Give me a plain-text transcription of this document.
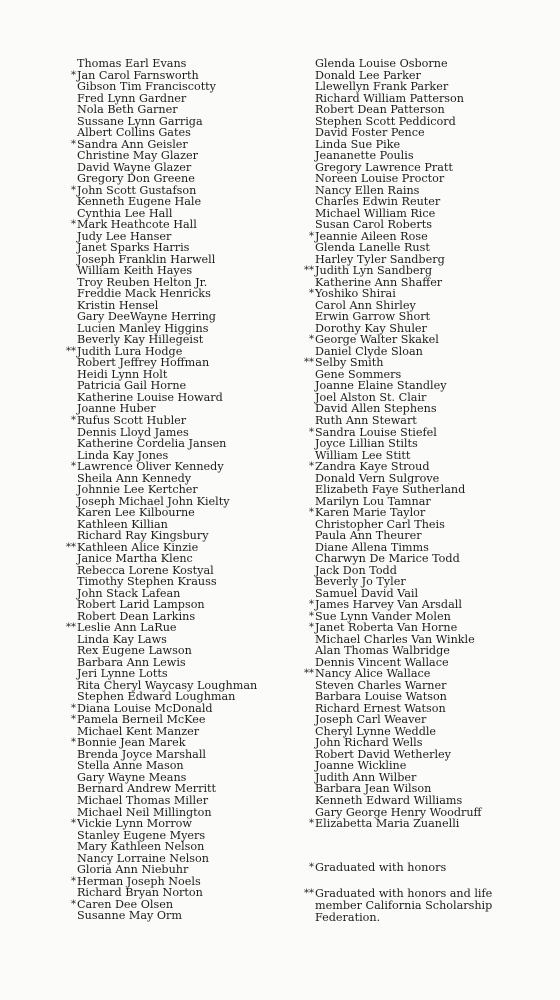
Thomas Earl Evans
* Jan Carol Farnsworth
Gibson Tim Franciscotty
Fred Lynn Gardner
Nola Beth Garner
Sussane Lynn Garriga
Albert Collins Gates
* Sandra Ann Geisler
Christine May Glazer
David Wayne Glazer
Gregory Don Greene
* John Scott Gustafson
Kenneth Eugene Hale
Cynthia Lee Hall
* Mark Heathcote Hall
Judy Lee Hanser
Janet Sparks Harris
Joseph Franklin Harwell
William Keith Hayes
Troy Reuben Helton Jr.
Freddie Mack Henricks
Kristin Hensel
Gary DeeWayne Herring
Lucien Manley Higgins
Beverly Kay Hillegeist
** Judith Lura Hodge
Robert Jeffrey Hoffman
Heidi Lynn Holt
Patricia Gail Horne
Katherine Louise Howard
Joanne Huber
* Rufus Scott Hubler
Dennis Lloyd James
Katherine Cordelia Jansen
Linda Kay Jones
* Lawrence Oliver Kennedy
Sheila Ann Kennedy
Johnnie Lee Kertcher
Joseph Michael John Kielty
Karen Lee Kilbourne
Kathleen Killian
Richard Ray Kingsbury
** Kathleen Alice Kinzie
Janice Martha Klenc
Rebecca Lorene Kostyal
Timothy Stephen Krauss
John Stack Lafean
Robert Larid Lampson
Robert Dean Larkins
** Leslie Ann LaRue
Linda Kay Laws
Rex Eugene Lawson
Barbara Ann Lewis
Jeri Lynne Lotts
Rita Cheryl Waycasy Loughman
Stephen Edward Loughman
* Diana Louise McDonald
* Pamela Berneil McKee
Michael Kent Manzer
* Bonnie Jean Marek
Brenda Joyce Marshall
Stella Anne Mason
Gary Wayne Means
Bernard Andrew Merritt
Michael Thomas Miller
Michael Neil Millington
* Vickie Lynn Morrow
Stanley Eugene Myers
Mary Kathleen Nelson
Nancy Lorraine Nelson
Gloria Ann Niebuhr
* Herman Joseph Noels
Richard Bryan Norton
* Caren Dee Olsen
Susanne May Orm
Glenda Louise Osborne
Donald Lee Parker
Llewellyn Frank Parker
Richard William Patterson
Robert Dean Patterson
Stephen Scott Peddicord
David Foster Pence
Linda Sue Pike
Jeananette Poulis
Gregory Lawrence Pratt
Noreen Louise Proctor
Nancy Ellen Rains
Charles Edwin Reuter
Michael William Rice
Susan Carol Roberts
* Jeannie Aileen Rose
Glenda Lanelle Rust
Harley Tyler Sandberg
** Judith Lyn Sandberg
Katherine Ann Shaffer
* Yoshiko Shirai
Carol Ann Shirley
Erwin Garrow Short
Dorothy Kay Shuler
* George Walter Skakel
Daniel Clyde Sloan
** Selby Smith
Gene Sommers
Joanne Elaine Standley
Joel Alston St. Clair
David Allen Stephens
Ruth Ann Stewart
* Sandra Louise Stiefel
Joyce Lillian Stilts
William Lee Stitt
* Zandra Kaye Stroud
Donald Vern Sulgrove
Elizabeth Faye Sutherland
Marilyn Lou Tamnar
* Karen Marie Taylor
Christopher Carl Theis
Paula Ann Theurer
Diane Allena Timms
Charwyn De Marice Todd
Jack Don Todd
Beverly Jo Tyler
Samuel David Vail
* James Harvey Van Arsdall
* Sue Lynn Vander Molen
* Janet Roberta Van Horne
Michael Charles Van Winkle
Alan Thomas Walbridge
Dennis Vincent Wallace
** Nancy Alice Wallace
Steven Charles Warner
Barbara Louise Watson
Richard Ernest Watson
Joseph Carl Weaver
Cheryl Lynne Weddle
John Richard Wells
Robert David Wetherley
Joanne Wickline
Judith Ann Wilber
Barbara Jean Wilson
Kenneth Edward Williams
Gary George Henry Woodruff
* Elizabetta Maria Zuanelli
* Graduated with honors
** Graduated with honors and life member California Scholarship Federation.
